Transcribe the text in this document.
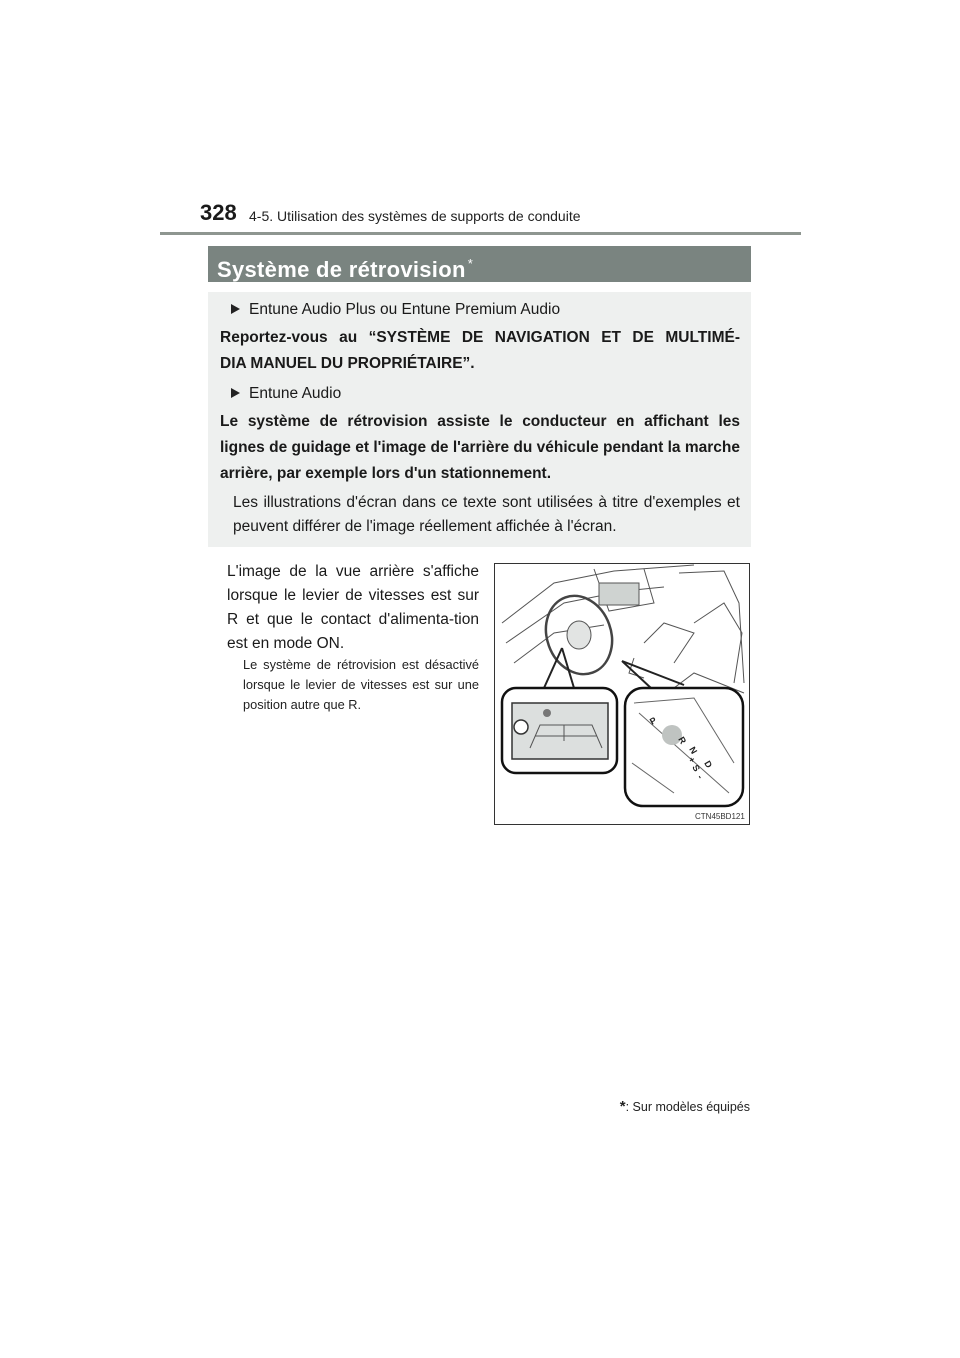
328 4-5. Utilisation des systèmes de supports de conduite
Système de rétrovision *
Entune Audio Plus ou Entune Premium Audio
Reportez-vous au “SYSTÈME DE NAVIGATION ET DE MULTIMÉ-
DIA MANUEL DU PROPRIÉTAIRE”.
Entune Audio
Le système de rétrovision assiste le conducteur en affichant les lignes de guidage et l'image de l'arrière du véhicule pendant la marche arrière, par exemple lors d'un stationnement.
Les illustrations d'écran dans ce texte sont utilisées à titre d'exemples et peuvent différer de l'image réellement affichée à l'écran.
L'image de la vue arrière s'affiche lorsque le levier de vitesses est sur R et que le contact d'alimenta-tion est en mode ON.
Le système de rétrovision est désactivé lorsque le levier de vitesses est sur une position autre que R.
P
R
N
D
S
+
-
CTN45BD121
*: Sur modèles équipés
